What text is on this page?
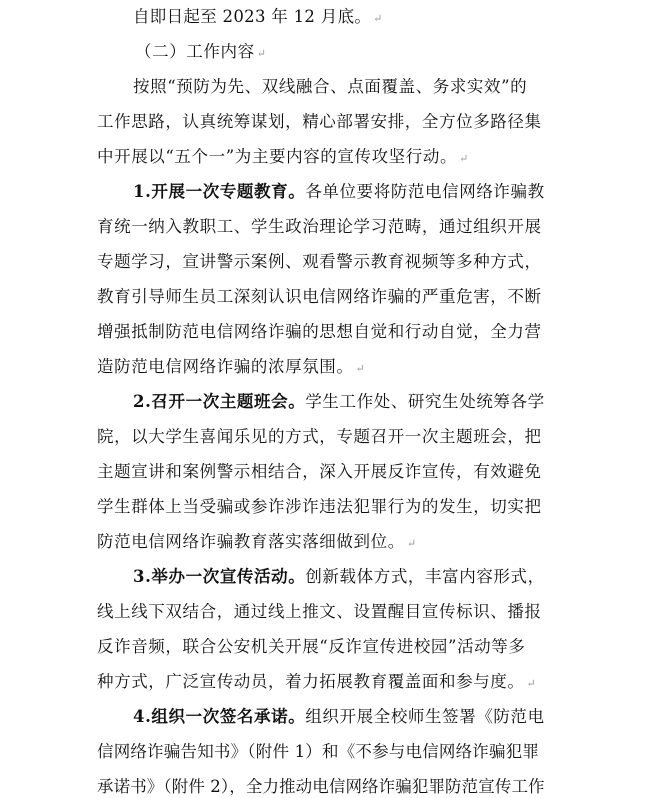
自即日起至 2023 年 12 月底。 ↵
（二）工作内容 ↵
按照“预防为先、双线融合、点面覆盖、务求实效”的
工作思路，认真统筹谋划，精心部署安排，全方位多路径集
中开展以“五个一”为主要内容的宣传攻坚行动。 ↵
1.开展一次专题教育。各单位要将防范电信网络诈骗教
育统一纳入教职工、学生政治理论学习范畴，通过组织开展
专题学习，宣讲警示案例、观看警示教育视频等多种方式，
教育引导师生员工深刻认识电信网络诈骗的严重危害，不断
增强抵制防范电信网络诈骗的思想自觉和行动自觉，全力营
造防范电信网络诈骗的浓厚氛围。 ↵
2.召开一次主题班会。学生工作处、研究生处统筹各学
院，以大学生喜闻乐见的方式，专题召开一次主题班会，把
主题宣讲和案例警示相结合，深入开展反诈宣传，有效避免
学生群体上当受骗或参诈涉诈违法犯罪行为的发生，切实把
防范电信网络诈骗教育落实落细做到位。 ↵
3.举办一次宣传活动。创新载体方式，丰富内容形式，
线上线下双结合，通过线上推文、设置醒目宣传标识、播报
反诈音频，联合公安机关开展“反诈宣传进校园”活动等多
种方式，广泛宣传动员，着力拓展教育覆盖面和参与度。 ↵
4.组织一次签名承诺。组织开展全校师生签署《防范电
信网络诈骗告知书》（附件 1）和《不参与电信网络诈骗犯罪
承诺书》（附件 2），全力推动电信网络诈骗犯罪防范宣传工作
